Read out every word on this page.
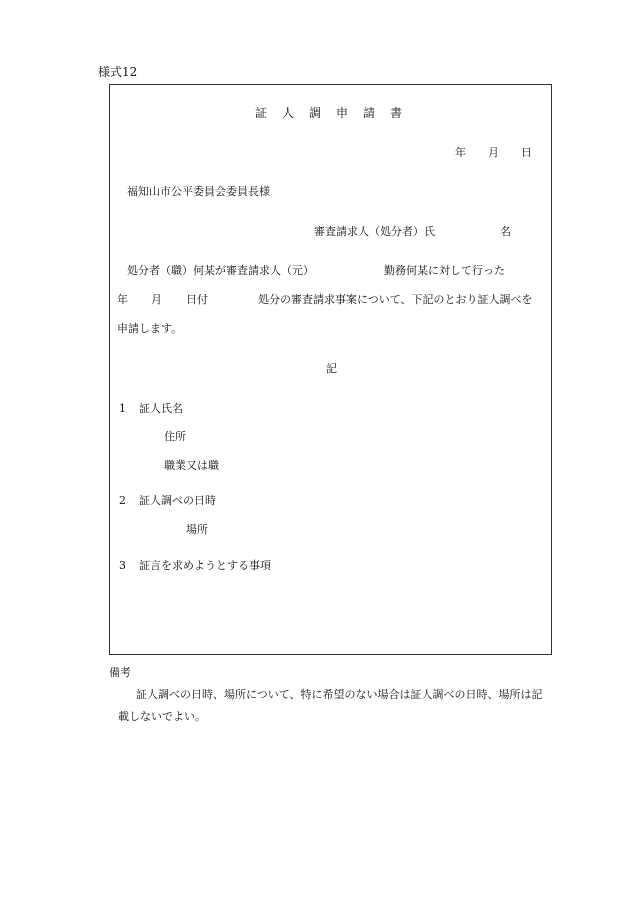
様式12
証人調申請書
年 月 日
福知山市公平委員会委員長様
審査請求人（処分者）氏	名
処分者（職）何某が審査請求人（元）	勤務何某に対して行った
年 月 日付	処分の審査請求事案について、下記のとおり証人調べを
申請します。
記
1 証人氏名
住所
職業又は職
2 証人調べの日時
場所
3 証言を求めようとする事項
備考
証人調べの日時、場所について、特に希望のない場合は証人調べの日時、場所は記
載しないでよい。
